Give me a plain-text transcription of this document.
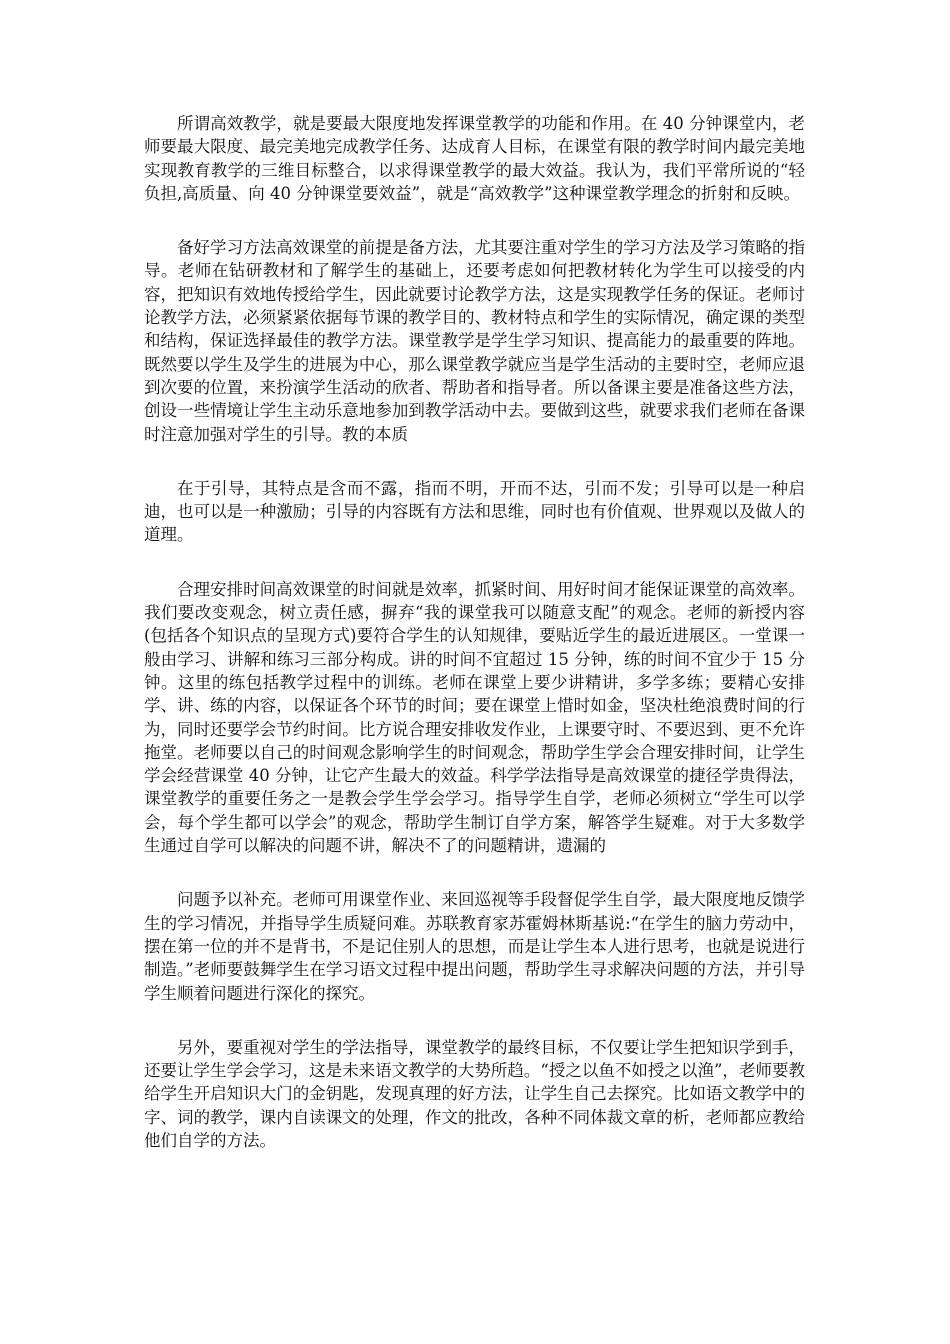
所谓高效教学，就是要最大限度地发挥课堂教学的功能和作用。在 40 分钟课堂内，老师要最大限度、最完美地完成教学任务、达成育人目标，在课堂有限的教学时间内最完美地实现教育教学的三维目标整合，以求得课堂教学的最大效益。我认为，我们平常所说的“轻负担,高质量、向 40 分钟课堂要效益”，就是“高效教学”这种课堂教学理念的折射和反映。

备好学习方法高效课堂的前提是备方法，尤其要注重对学生的学习方法及学习策略的指导。老师在钻研教材和了解学生的基础上，还要考虑如何把教材转化为学生可以接受的内容，把知识有效地传授给学生，因此就要讨论教学方法，这是实现教学任务的保证。老师讨论教学方法，必须紧紧依据每节课的教学目的、教材特点和学生的实际情况，确定课的类型和结构，保证选择最佳的教学方法。课堂教学是学生学习知识、提高能力的最重要的阵地。既然要以学生及学生的进展为中心，那么课堂教学就应当是学生活动的主要时空，老师应退到次要的位置，来扮演学生活动的欣者、帮助者和指导者。所以备课主要是准备这些方法，创设一些情境让学生主动乐意地参加到教学活动中去。要做到这些，就要求我们老师在备课时注意加强对学生的引导。教的本质

在于引导，其特点是含而不露，指而不明，开而不达，引而不发；引导可以是一种启迪，也可以是一种激励；引导的内容既有方法和思维，同时也有价值观、世界观以及做人的道理。

合理安排时间高效课堂的时间就是效率，抓紧时间、用好时间才能保证课堂的高效率。我们要改变观念，树立责任感，摒弃“我的课堂我可以随意支配”的观念。老师的新授内容(包括各个知识点的呈现方式)要符合学生的认知规律，要贴近学生的最近进展区。一堂课一般由学习、讲解和练习三部分构成。讲的时间不宜超过 15 分钟，练的时间不宜少于 15 分钟。这里的练包括教学过程中的训练。老师在课堂上要少讲精讲，多学多练；要精心安排学、讲、练的内容，以保证各个环节的时间；要在课堂上惜时如金，坚决杜绝浪费时间的行为，同时还要学会节约时间。比方说合理安排收发作业，上课要守时、不要迟到、更不允许拖堂。老师要以自己的时间观念影响学生的时间观念，帮助学生学会合理安排时间，让学生学会经营课堂 40 分钟，让它产生最大的效益。科学学法指导是高效课堂的捷径学贵得法，课堂教学的重要任务之一是教会学生学会学习。指导学生自学，老师必须树立“学生可以学会，每个学生都可以学会”的观念，帮助学生制订自学方案，解答学生疑难。对于大多数学生通过自学可以解决的问题不讲，解决不了的问题精讲，遗漏的

问题予以补充。老师可用课堂作业、来回巡视等手段督促学生自学，最大限度地反馈学生的学习情况，并指导学生质疑问难。苏联教育家苏霍姆林斯基说:“在学生的脑力劳动中，摆在第一位的并不是背书，不是记住别人的思想，而是让学生本人进行思考，也就是说进行制造。”老师要鼓舞学生在学习语文过程中提出问题，帮助学生寻求解决问题的方法，并引导学生顺着问题进行深化的探究。

另外，要重视对学生的学法指导，课堂教学的最终目标，不仅要让学生把知识学到手，还要让学生学会学习，这是未来语文教学的大势所趋。“授之以鱼不如授之以渔”，老师要教给学生开启知识大门的金钥匙，发现真理的好方法，让学生自己去探究。比如语文教学中的字、词的教学，课内自读课文的处理，作文的批改，各种不同体裁文章的析，老师都应教给他们自学的方法。
